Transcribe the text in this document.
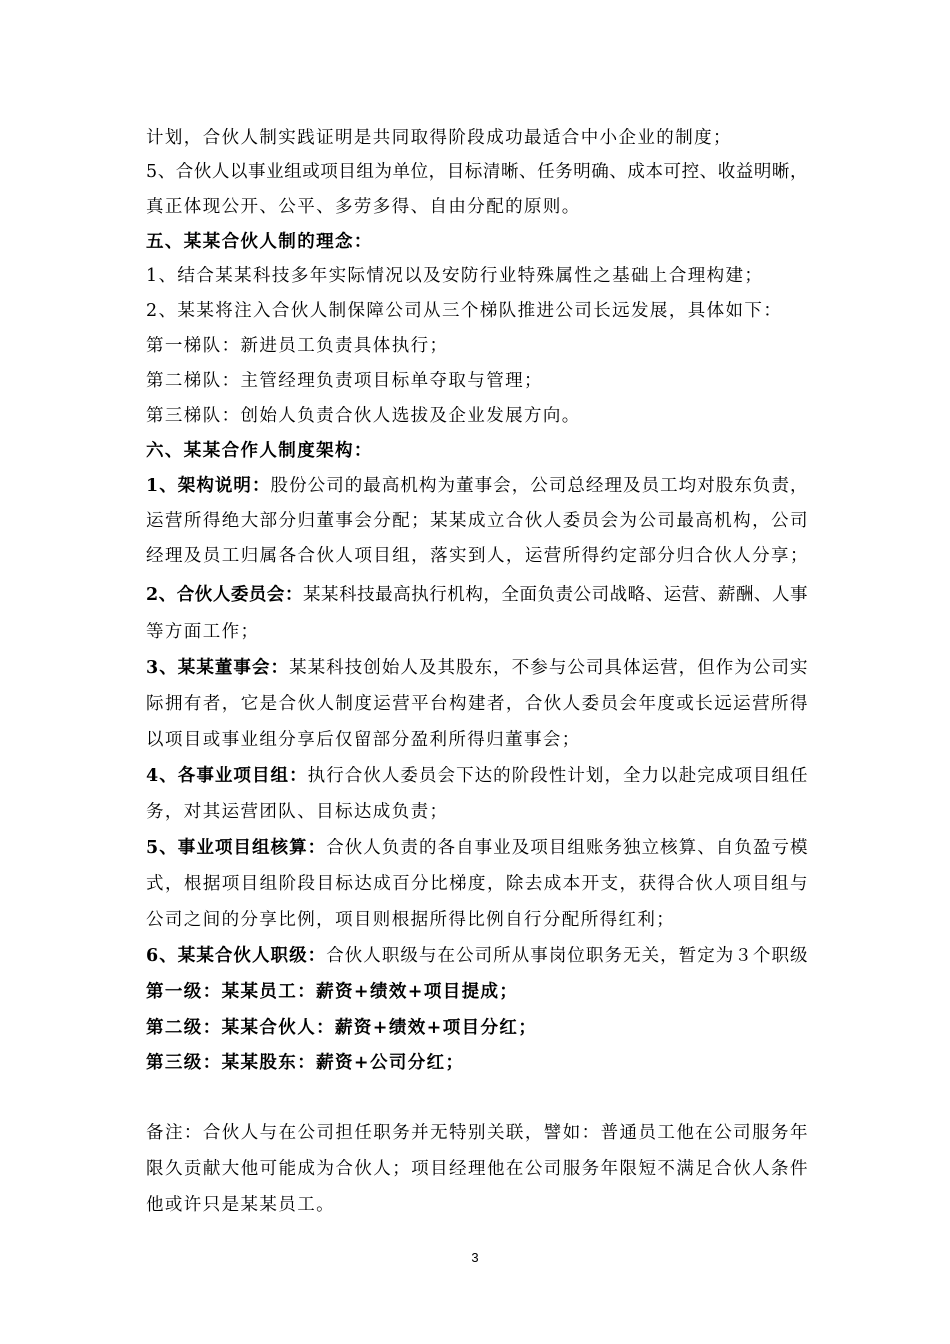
计划，合伙人制实践证明是共同取得阶段成功最适合中小企业的制度；
5、合伙人以事业组或项目组为单位，目标清晰、任务明确、成本可控、收益明晰，
真正体现公开、公平、多劳多得、自由分配的原则。
五、某某合伙人制的理念：
1、结合某某科技多年实际情况以及安防行业特殊属性之基础上合理构建；
2、某某将注入合伙人制保障公司从三个梯队推进公司长远发展，具体如下：
第一梯队：新进员工负责具体执行；
第二梯队：主管经理负责项目标单夺取与管理；
第三梯队：创始人负责合伙人选拔及企业发展方向。
六、某某合作人制度架构：
1、架构说明：股份公司的最高机构为董事会，公司总经理及员工均对股东负责，
运营所得绝大部分归董事会分配；某某成立合伙人委员会为公司最高机构，公司
经理及员工归属各合伙人项目组，落实到人，运营所得约定部分归合伙人分享；
2、合伙人委员会：某某科技最高执行机构，全面负责公司战略、运营、薪酬、人事
等方面工作；
3、某某董事会：某某科技创始人及其股东，不参与公司具体运营，但作为公司实
际拥有者，它是合伙人制度运营平台构建者，合伙人委员会年度或长远运营所得
以项目或事业组分享后仅留部分盈利所得归董事会；
4、各事业项目组：执行合伙人委员会下达的阶段性计划，全力以赴完成项目组任
务，对其运营团队、目标达成负责；
5、事业项目组核算：合伙人负责的各自事业及项目组账务独立核算、自负盈亏模
式，根据项目组阶段目标达成百分比梯度，除去成本开支，获得合伙人项目组与
公司之间的分享比例，项目则根据所得比例自行分配所得红利；
6、某某合伙人职级：合伙人职级与在公司所从事岗位职务无关，暂定为３个职级
第一级：某某员工：薪资+绩效+项目提成；
第二级：某某合伙人：薪资+绩效+项目分红；
第三级：某某股东：薪资+公司分红；
备注：合伙人与在公司担任职务并无特别关联，譬如：普通员工他在公司服务年
限久贡献大他可能成为合伙人；项目经理他在公司服务年限短不满足合伙人条件
他或许只是某某员工。
3
